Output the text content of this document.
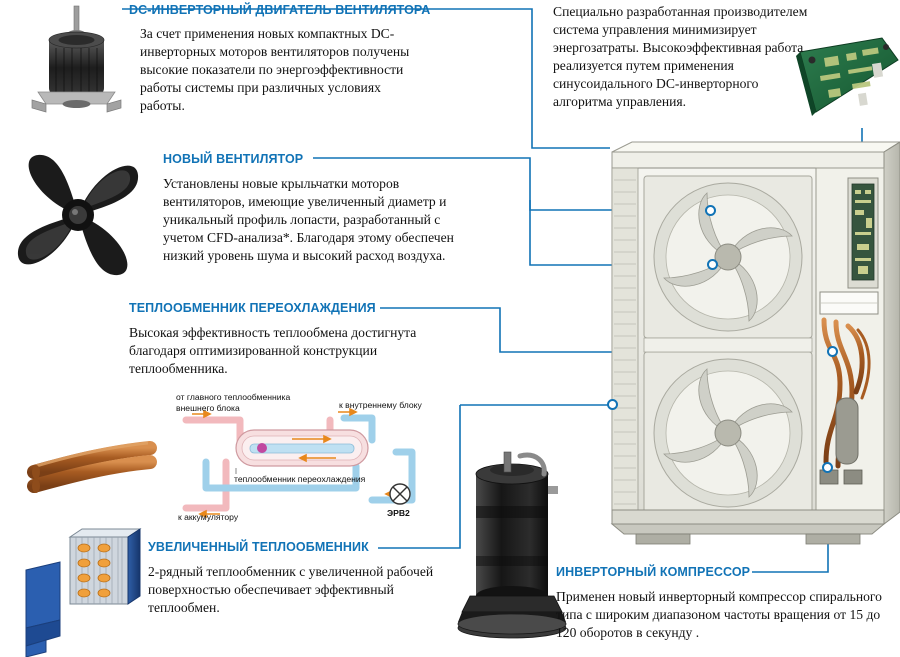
Специально разработанная производителем система управления минимизирует энергозатраты. Высокоэффективная работа реализуется путем применения синусоидального DC-инверторного алгоритма управления.
DC-ИНВЕРТОРНЫЙ ДВИГАТЕЛЬ ВЕНТИЛЯТОРА
За счет применения новых компактных DC-инверторных моторов вентиляторов получены высокие показатели по энергоэффективности работы системы при различных условиях работы.
НОВЫЙ ВЕНТИЛЯТОР
Установлены новые крыльчатки моторов вентиляторов, имеющие увеличенный диаметр и уникальный профиль лопасти, разработанный с учетом CFD-анализа*. Благодаря этому обеспечен низкий уровень шума и высокий расход воздуха.
ТЕПЛООБМЕННИК ПЕРЕОХЛАЖДЕНИЯ
Высокая эффективность теплообмена достигнута благодаря оптимизированной конструкции теплообменника.
от главного теплообменника
внешнего блока	к внутреннему блоку
теплообменник переохлаждения
к аккумулятору	ЭРВ2
УВЕЛИЧЕННЫЙ ТЕПЛООБМЕННИК
2-рядный теплообменник с увеличенной рабочей поверхностью обеспечивает эффективный теплообмен.
ИНВЕРТОРНЫЙ КОМПРЕССОР
Применен новый инверторный компрессор спирального типа с широким диапазоном частоты вращения от 15 до 120 оборотов в секунду .
